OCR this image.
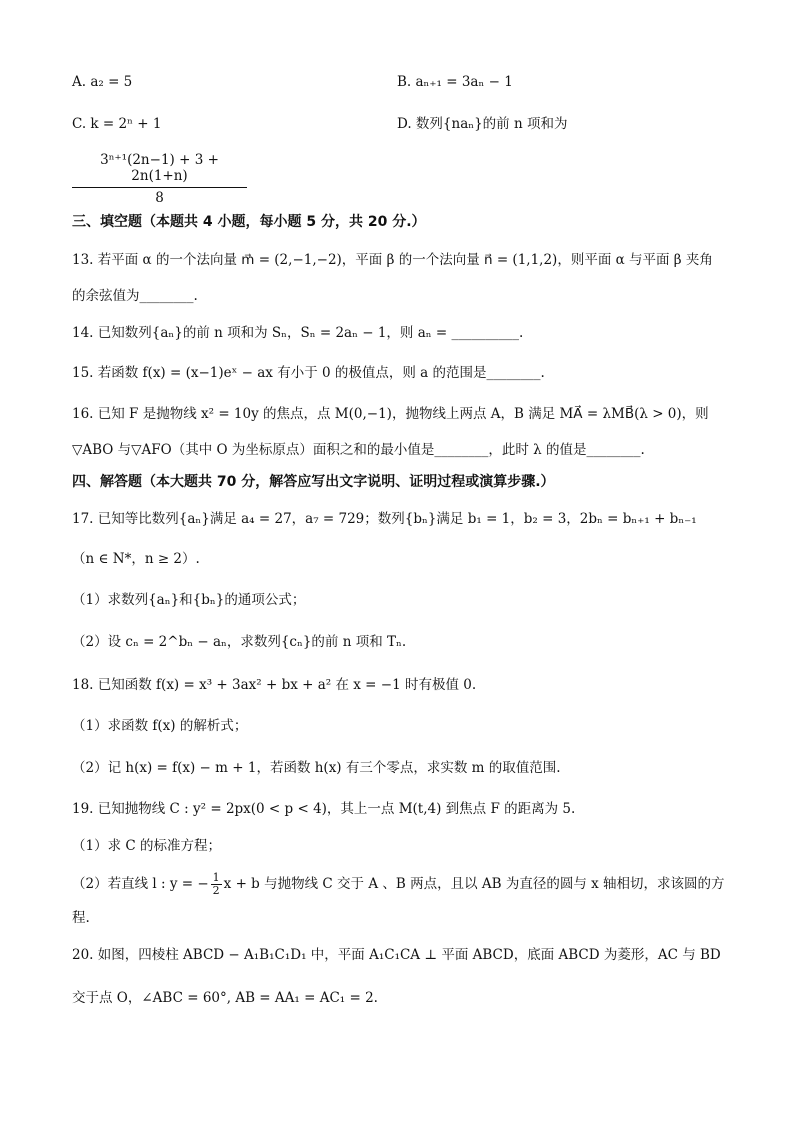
A. a₂ = 5	B. aₙ₊₁ = 3aₙ − 1
C. k = 2ⁿ + 1	D. 数列{naₙ}的前 n 项和为
$\frac{\text{3ⁿ⁺¹(2n−1) + 3 + 2n(1+n)}}{8}$
三、填空题（本题共 4 小题，每小题 5 分，共 20 分.）
13. 若平面 α 的一个法向量 m⃗ = (2,−1,−2)，平面 β 的一个法向量 n⃗ = (1,1,2)，则平面 α 与平面 β 夹角
的余弦值为________.
14. 已知数列{aₙ}的前 n 项和为 Sₙ，Sₙ = 2aₙ − 1，则 aₙ = __________.
15. 若函数 f(x) = (x−1)eˣ − ax 有小于 0 的极值点，则 a 的范围是________.
16. 已知 F 是抛物线 x² = 10y 的焦点，点 M(0,−1)，抛物线上两点 A，B 满足 MA⃗ = λMB⃗(λ > 0)，则
▽ABO 与▽AFO（其中 O 为坐标原点）面积之和的最小值是________，此时 λ 的值是________.
四、解答题（本大题共 70 分，解答应写出文字说明、证明过程或演算步骤.）
17. 已知等比数列{aₙ}满足 a₄ = 27，a₇ = 729；数列{bₙ}满足 b₁ = 1，b₂ = 3，2bₙ = bₙ₊₁ + bₙ₋₁
（n ∈ N*，n ≥ 2）.
（1）求数列{aₙ}和{bₙ}的通项公式；
（2）设 cₙ = 2^bₙ − aₙ，求数列{cₙ}的前 n 项和 Tₙ.
18. 已知函数 f(x) = x³ + 3ax² + bx + a² 在 x = −1 时有极值 0.
（1）求函数 f(x) 的解析式；
（2）记 h(x) = f(x) − m + 1，若函数 h(x) 有三个零点，求实数 m 的取值范围.
19. 已知抛物线 C : y² = 2px(0 < p < 4)，其上一点 M(t,4) 到焦点 F 的距离为 5.
（1）求 C 的标准方程；
（2）若直线 l : y = − $\frac{1}{2}$ x + b 与抛物线 C 交于 A 、B 两点，且以 AB 为直径的圆与 x 轴相切，求该圆的方
程.
20. 如图，四棱柱 ABCD − A₁B₁C₁D₁ 中，平面 A₁C₁CA ⊥ 平面 ABCD，底面 ABCD 为菱形，AC 与 BD
交于点 O，∠ABC = 60°, AB = AA₁ = AC₁ = 2.
